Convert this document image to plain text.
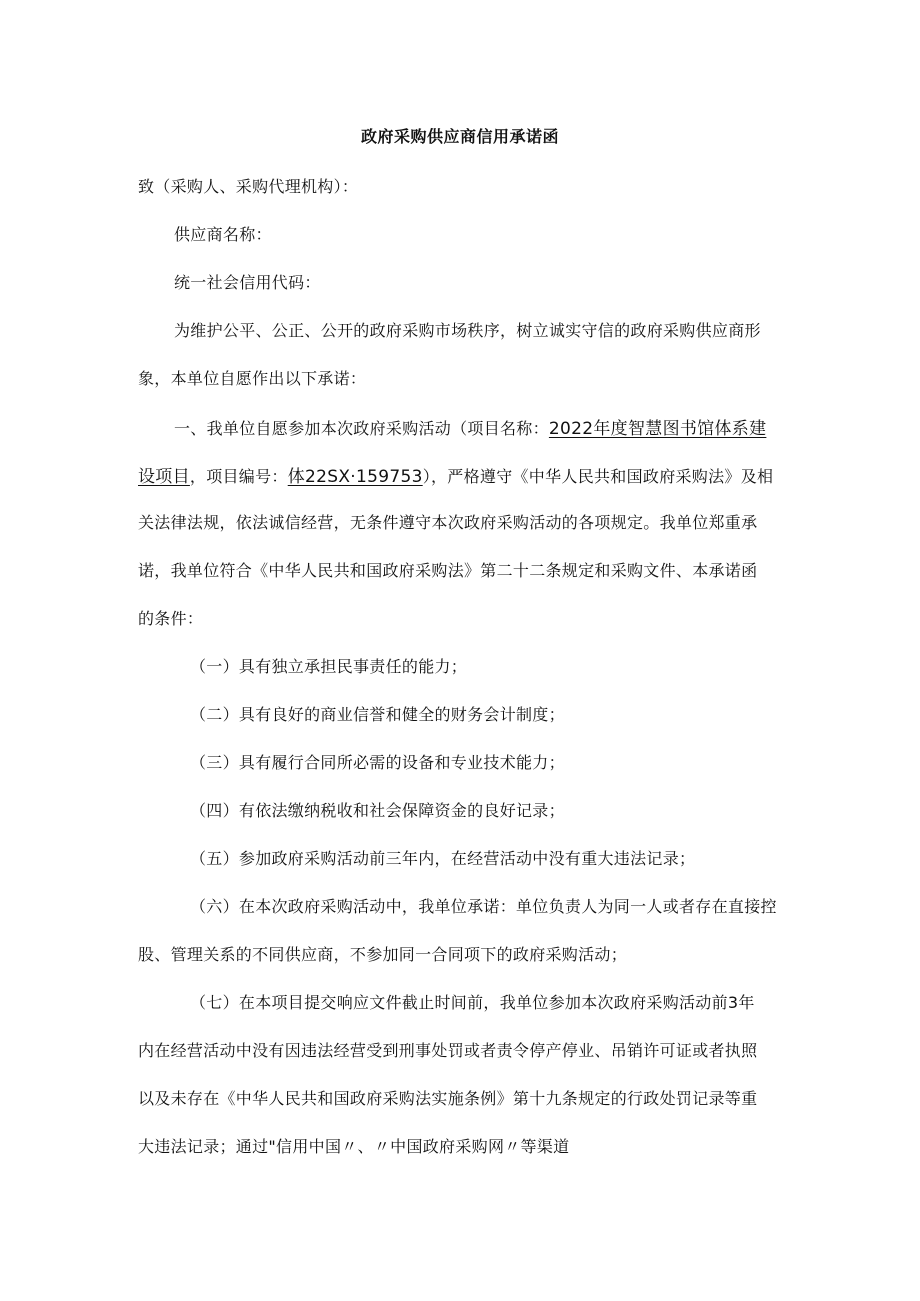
政府采购供应商信用承诺函
致（采购人、采购代理机构）：
供应商名称：
统一社会信用代码：
为维护公平、公正、公开的政府采购市场秩序，树立诚实守信的政府采购供应商形
象，本单位自愿作出以下承诺：
一、我单位自愿参加本次政府采购活动（项目名称：2022年度智慧图书馆体系建
设项目，项目编号：体22SX·159753），严格遵守《中华人民共和国政府采购法》及相
关法律法规，依法诚信经营，无条件遵守本次政府采购活动的各项规定。我单位郑重承
诺，我单位符合《中华人民共和国政府采购法》第二十二条规定和采购文件、本承诺函
的条件：
（一）具有独立承担民事责任的能力；
（二）具有良好的商业信誉和健全的财务会计制度；
（三）具有履行合同所必需的设备和专业技术能力；
（四）有依法缴纳税收和社会保障资金的良好记录；
（五）参加政府采购活动前三年内，在经营活动中没有重大违法记录；
（六）在本次政府采购活动中，我单位承诺：单位负责人为同一人或者存在直接控
股、管理关系的不同供应商，不参加同一合同项下的政府采购活动；
（七）在本项目提交响应文件截止时间前，我单位参加本次政府采购活动前3年
内在经营活动中没有因违法经营受到刑事处罚或者责令停产停业、吊销许可证或者执照
以及未存在《中华人民共和国政府采购法实施条例》第十九条规定的行政处罚记录等重
大违法记录；通过"信用中国〃、〃中国政府采购网〃等渠道
